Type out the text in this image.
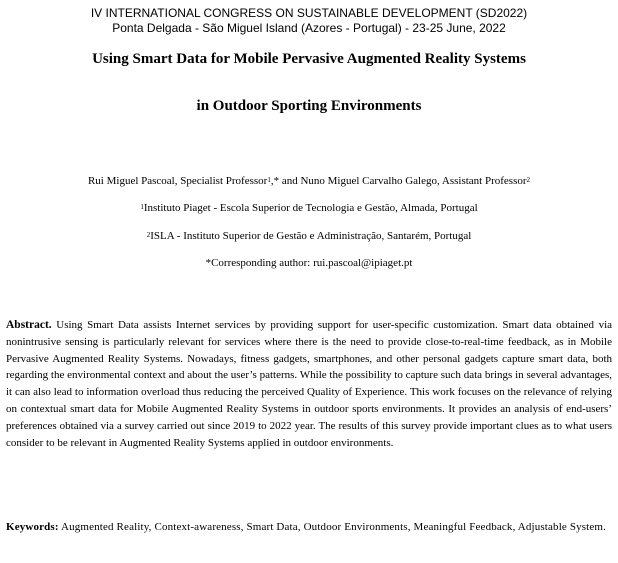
IV INTERNATIONAL CONGRESS ON SUSTAINABLE DEVELOPMENT (SD2022)
Ponta Delgada - São Miguel Island (Azores - Portugal) - 23-25 June, 2022
Using Smart Data for Mobile Pervasive Augmented Reality Systems
in Outdoor Sporting Environments
Rui Miguel Pascoal, Specialist Professor$^1$,* and Nuno Miguel Carvalho Galego, Assistant Professor$^2$
$^1$Instituto Piaget - Escola Superior de Tecnologia e Gestão, Almada, Portugal
$^2$ISLA - Instituto Superior de Gestão e Administração, Santarém, Portugal
*Corresponding author: rui.pascoal@ipiaget.pt
Abstract. Using Smart Data assists Internet services by providing support for user-specific customization. Smart data obtained via nonintrusive sensing is particularly relevant for services where there is the need to provide close-to-real-time feedback, as in Mobile Pervasive Augmented Reality Systems. Nowadays, fitness gadgets, smartphones, and other personal gadgets capture smart data, both regarding the environmental context and about the user’s patterns. While the possibility to capture such data brings in several advantages, it can also lead to information overload thus reducing the perceived Quality of Experience. This work focuses on the relevance of relying on contextual smart data for Mobile Augmented Reality Systems in outdoor sports environments. It provides an analysis of end-users’ preferences obtained via a survey carried out since 2019 to 2022 year. The results of this survey provide important clues as to what users consider to be relevant in Augmented Reality Systems applied in outdoor environments.
Keywords: Augmented Reality, Context-awareness, Smart Data, Outdoor Environments, Meaningful Feedback, Adjustable System.
